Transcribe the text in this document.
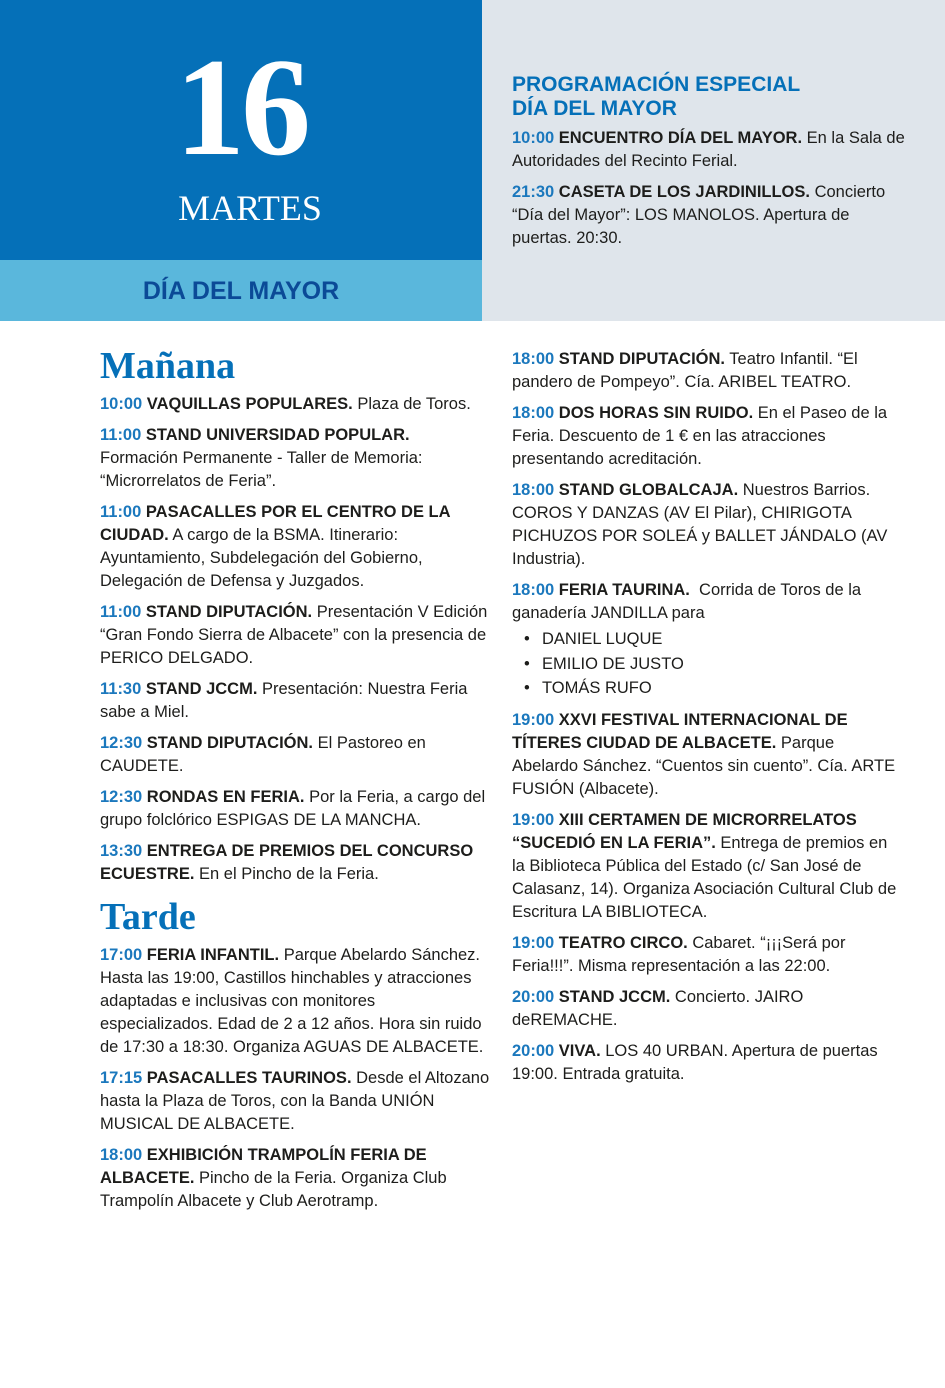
16
MARTES
DÍA DEL MAYOR
PROGRAMACIÓN ESPECIAL
DÍA DEL MAYOR

10:00 ENCUENTRO DÍA DEL MAYOR. En la Sala de Autoridades del Recinto Ferial.

21:30 CASETA DE LOS JARDINILLOS. Concierto “Día del Mayor”: LOS MANOLOS. Apertura de puertas. 20:30.

Mañana

10:00 VAQUILLAS POPULARES. Plaza de Toros.

11:00 STAND UNIVERSIDAD POPULAR. Formación Permanente - Taller de Memoria: “Microrrelatos de Feria”.

11:00 PASACALLES POR EL CENTRO DE LA CIUDAD. A cargo de la BSMA. Itinerario: Ayuntamiento, Subdelegación del Gobierno, Delegación de Defensa y Juzgados.

11:00 STAND DIPUTACIÓN. Presentación V Edición “Gran Fondo Sierra de Albacete” con la presencia de PERICO DELGADO.

11:30 STAND JCCM. Presentación: Nuestra Feria sabe a Miel.

12:30 STAND DIPUTACIÓN. El Pastoreo en CAUDETE.

12:30 RONDAS EN FERIA. Por la Feria, a cargo del grupo folclórico ESPIGAS DE LA MANCHA.

13:30 ENTREGA DE PREMIOS DEL CONCURSO ECUESTRE. En el Pincho de la Feria.

Tarde

17:00 FERIA INFANTIL. Parque Abelardo Sánchez. Hasta las 19:00, Castillos hinchables y atracciones adaptadas e inclusivas con monitores especializados. Edad de 2 a 12 años. Hora sin ruido de 17:30 a 18:30. Organiza AGUAS DE ALBACETE.

17:15 PASACALLES TAURINOS. Desde el Altozano hasta la Plaza de Toros, con la Banda UNIÓN MUSICAL DE ALBACETE.

18:00 EXHIBICIÓN TRAMPOLÍN FERIA DE ALBACETE. Pincho de la Feria. Organiza Club Trampolín Albacete y Club Aerotramp.

18:00 STAND DIPUTACIÓN. Teatro Infantil. “El pandero de Pompeyo”. Cía. ARIBEL TEATRO.

18:00 DOS HORAS SIN RUIDO. En el Paseo de la Feria. Descuento de 1 € en las atracciones presentando acreditación.

18:00 STAND GLOBALCAJA. Nuestros Barrios. COROS Y DANZAS (AV El Pilar), CHIRIGOTA PICHUZOS POR SOLEÁ y BALLET JÁNDALO (AV Industria).

18:00 FERIA TAURINA.  Corrida de Toros de la ganadería JANDILLA para

• DANIEL LUQUE
• EMILIO DE JUSTO
• TOMÁS RUFO

19:00 XXVI FESTIVAL INTERNACIONAL DE TÍTERES CIUDAD DE ALBACETE. Parque Abelardo Sánchez. “Cuentos sin cuento”. Cía. ARTE FUSIÓN (Albacete).

19:00 XIII CERTAMEN DE MICRORRELATOS “SUCEDIÓ EN LA FERIA”. Entrega de premios en la Biblioteca Pública del Estado (c/ San José de Calasanz, 14). Organiza Asociación Cultural Club de Escritura LA BIBLIOTECA.

19:00 TEATRO CIRCO. Cabaret. “¡¡¡Será por Feria!!!”. Misma representación a las 22:00.

20:00 STAND JCCM. Concierto. JAIRO deREMACHE.

20:00 VIVA. LOS 40 URBAN. Apertura de puertas 19:00. Entrada gratuita.
